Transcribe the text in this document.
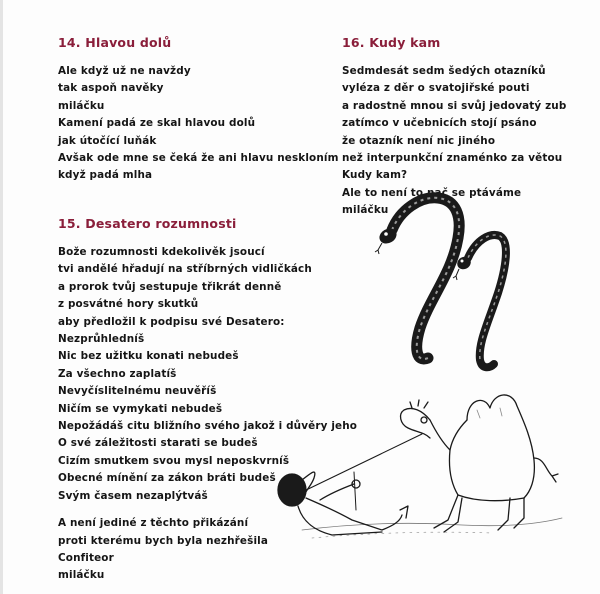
14. Hlavou dolů
Ale když už ne navždy
tak aspoň navěky
miláčku
Kamení padá ze skal hlavou dolů
jak útočící luňák
Avšak ode mne se čeká že ani hlavu neskloním
když padá mlha
16. Kudy kam
Sedmdesát sedm šedých otazníků
vyléza z děr o svatojiřské pouti
a radostně mnou si svůj jedovatý zub
zatímco v učebnicích stojí psáno
že otazník není nic jiného
než interpunkční znaménko za větou
Kudy kam?
Ale to není to nač se ptáváme
miláčku
15. Desatero rozumnosti
Bože rozumnosti kdekolivěk jsoucí
tvi andělé hřadují na stříbrných vidličkách
a prorok tvůj sestupuje třikrát denně
z posvátné hory skutků
aby předložil k podpisu své Desatero:
Nezprůhledníš
Nic bez užitku konati nebudeš
Za všechno zaplatíš
Nevyčíslitelnému neuvěříš
Ničím se vymykati nebudeš
Nepožádáš citu bližního svého jakož i důvěry jeho
O své záležitosti starati se budeš
Cizím smutkem svou mysl neposkvrníš
Obecné mínění za zákon bráti budeš
Svým časem nezaplýtváš
A není jediné z těchto přikázání
proti kterému bych byla nezhřešila
Confiteor
miláčku
